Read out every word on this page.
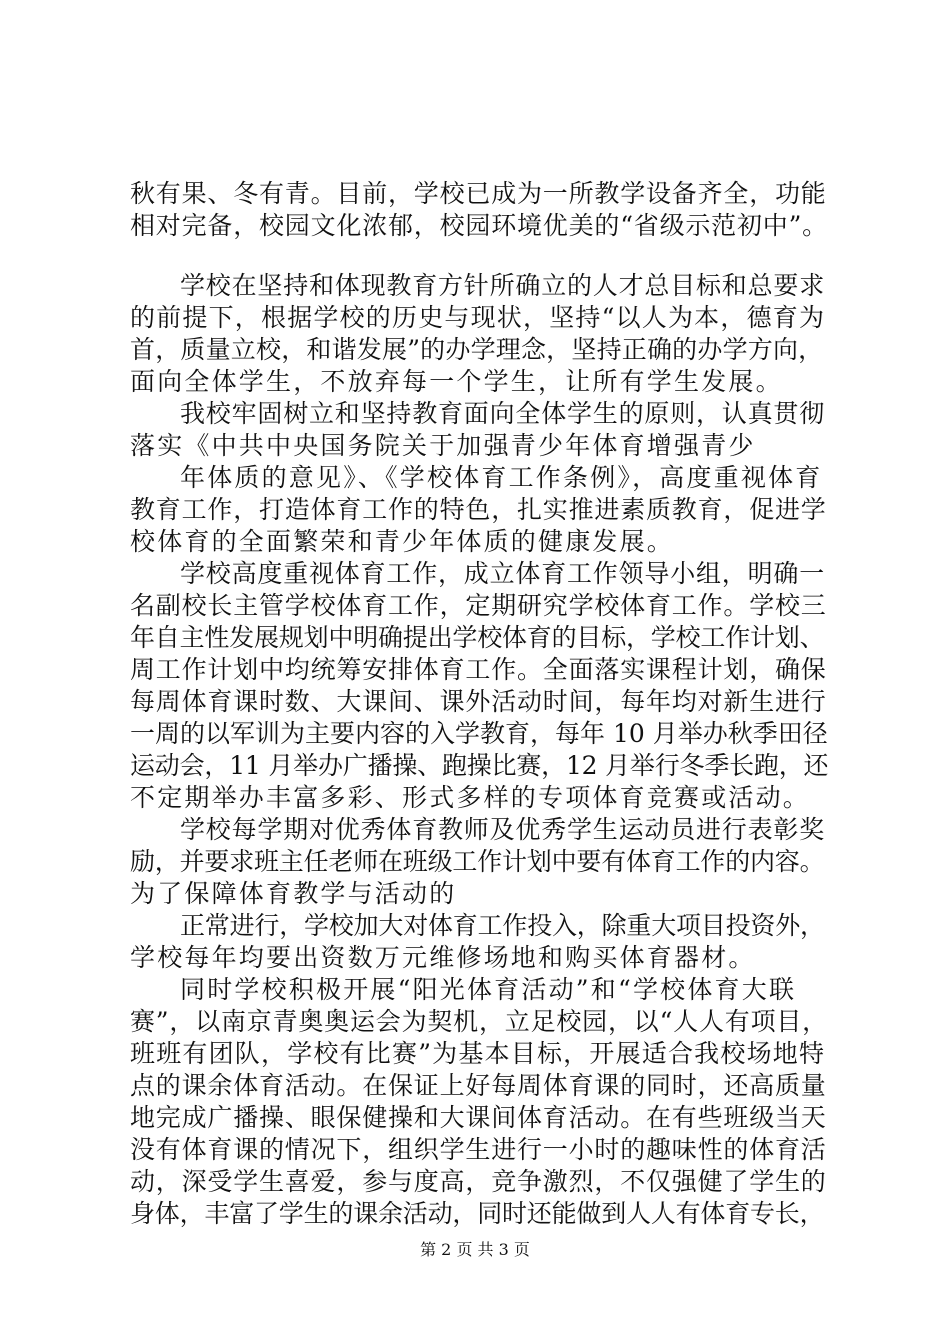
秋有果、冬有青。目前，学校已成为一所教学设备齐全，功能
相对完备，校园文化浓郁，校园环境优美的“省级示范初中”。
学校在坚持和体现教育方针所确立的人才总目标和总要求
的前提下，根据学校的历史与现状，坚持“以人为本，德育为
首，质量立校，和谐发展”的办学理念，坚持正确的办学方向，
面向全体学生，不放弃每一个学生，让所有学生发展。
我校牢固树立和坚持教育面向全体学生的原则，认真贯彻
落实《中共中央国务院关于加强青少年体育增强青少
年体质的意见》、《学校体育工作条例》，高度重视体育
教育工作，打造体育工作的特色，扎实推进素质教育，促进学
校体育的全面繁荣和青少年体质的健康发展。
学校高度重视体育工作，成立体育工作领导小组，明确一
名副校长主管学校体育工作，定期研究学校体育工作。学校三
年自主性发展规划中明确提出学校体育的目标，学校工作计划、
周工作计划中均统筹安排体育工作。全面落实课程计划，确保
每周体育课时数、大课间、课外活动时间，每年均对新生进行
一周的以军训为主要内容的入学教育，每年 10 月举办秋季田径
运动会，11 月举办广播操、跑操比赛，12 月举行冬季长跑，还
不定期举办丰富多彩、形式多样的专项体育竞赛或活动。
学校每学期对优秀体育教师及优秀学生运动员进行表彰奖
励，并要求班主任老师在班级工作计划中要有体育工作的内容。
为了保障体育教学与活动的
正常进行，学校加大对体育工作投入，除重大项目投资外，
学校每年均要出资数万元维修场地和购买体育器材。
同时学校积极开展“阳光体育活动”和“学校体育大联
赛”，以南京青奥奥运会为契机，立足校园，以“人人有项目，
班班有团队，学校有比赛”为基本目标，开展适合我校场地特
点的课余体育活动。在保证上好每周体育课的同时，还高质量
地完成广播操、眼保健操和大课间体育活动。在有些班级当天
没有体育课的情况下，组织学生进行一小时的趣味性的体育活
动，深受学生喜爱，参与度高，竞争激烈，不仅强健了学生的
身体，丰富了学生的课余活动，同时还能做到人人有体育专长，
第 2 页 共 3 页
